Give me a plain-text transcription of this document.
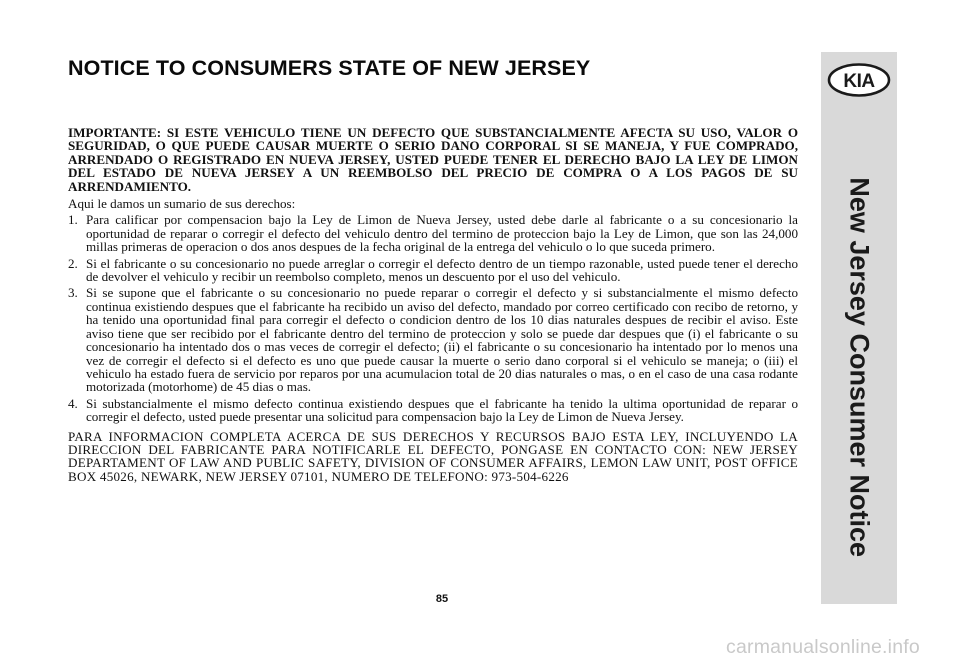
NOTICE TO CONSUMERS STATE OF NEW JERSEY
KIA
New Jersey Consumer Notice

IMPORTANTE: SI ESTE VEHICULO TIENE UN DEFECTO QUE SUBSTANCIALMENTE AFECTA SU USO, VALOR O SEGURIDAD, O QUE PUEDE CAUSAR MUERTE O SERIO DANO CORPORAL SI SE MANEJA, Y FUE COMPRADO, ARRENDADO O REGISTRADO EN NUEVA JERSEY, USTED PUEDE TENER EL DERECHO BAJO LA LEY DE LIMON DEL ESTADO DE NUEVA JERSEY A UN REEMBOLSO DEL PRECIO DE COMPRA O A LOS PAGOS DE SU ARRENDAMIENTO.

Aqui le damos un sumario de sus derechos:

1. Para calificar por compensacion bajo la Ley de Limon de Nueva Jersey, usted debe darle al fabricante o a su concesionario la oportunidad de reparar o corregir el defecto del vehiculo dentro del termino de proteccion bajo la Ley de Limon, que son las 24,000 millas primeras de operacion o dos anos despues de la fecha original de la entrega del vehiculo o lo que suceda primero.
2. Si el fabricante o su concesionario no puede arreglar o corregir el defecto dentro de un tiempo razonable, usted puede tener el derecho de devolver el vehiculo y recibir un reembolso completo, menos un descuento por el uso del vehiculo.
3. Si se supone que el fabricante o su concesionario no puede reparar o corregir el defecto y si substancialmente el mismo defecto continua existiendo despues que el fabricante ha recibido un aviso del defecto, mandado por correo certificado con recibo de retorno, y ha tenido una oportunidad final para corregir el defecto o condicion dentro de los 10 dias naturales despues de recibir el aviso. Este aviso tiene que ser recibido por el fabricante dentro del termino de proteccion y solo se puede dar despues que (i) el fabricante o su concesionario ha intentado dos o mas veces de corregir el defecto; (ii) el fabricante o su concesionario ha intentado por lo menos una vez de corregir el defecto si el defecto es uno que puede causar la muerte o serio dano corporal si el vehiculo se maneja; o (iii) el vehiculo ha estado fuera de servicio por reparos por una acumulacion total de 20 dias naturales o mas, o en el caso de una casa rodante motorizada (motorhome) de 45 dias o mas.
4. Si substancialmente el mismo defecto continua existiendo despues que el fabricante ha tenido la ultima oportunidad de reparar o corregir el defecto, usted puede presentar una solicitud para compensacion bajo la Ley de Limon de Nueva Jersey.

PARA INFORMACION COMPLETA ACERCA DE SUS DERECHOS Y RECURSOS BAJO ESTA LEY, INCLUYENDO LA DIRECCION DEL FABRICANTE PARA NOTIFICARLE EL DEFECTO, PONGASE EN CONTACTO CON: NEW JERSEY DEPARTAMENT OF LAW AND PUBLIC SAFETY, DIVISION OF CONSUMER AFFAIRS, LEMON LAW UNIT, POST OFFICE BOX 45026, NEWARK, NEW JERSEY 07101, NUMERO DE TELEFONO: 973-504-6226

85
carmanualsonline.info
